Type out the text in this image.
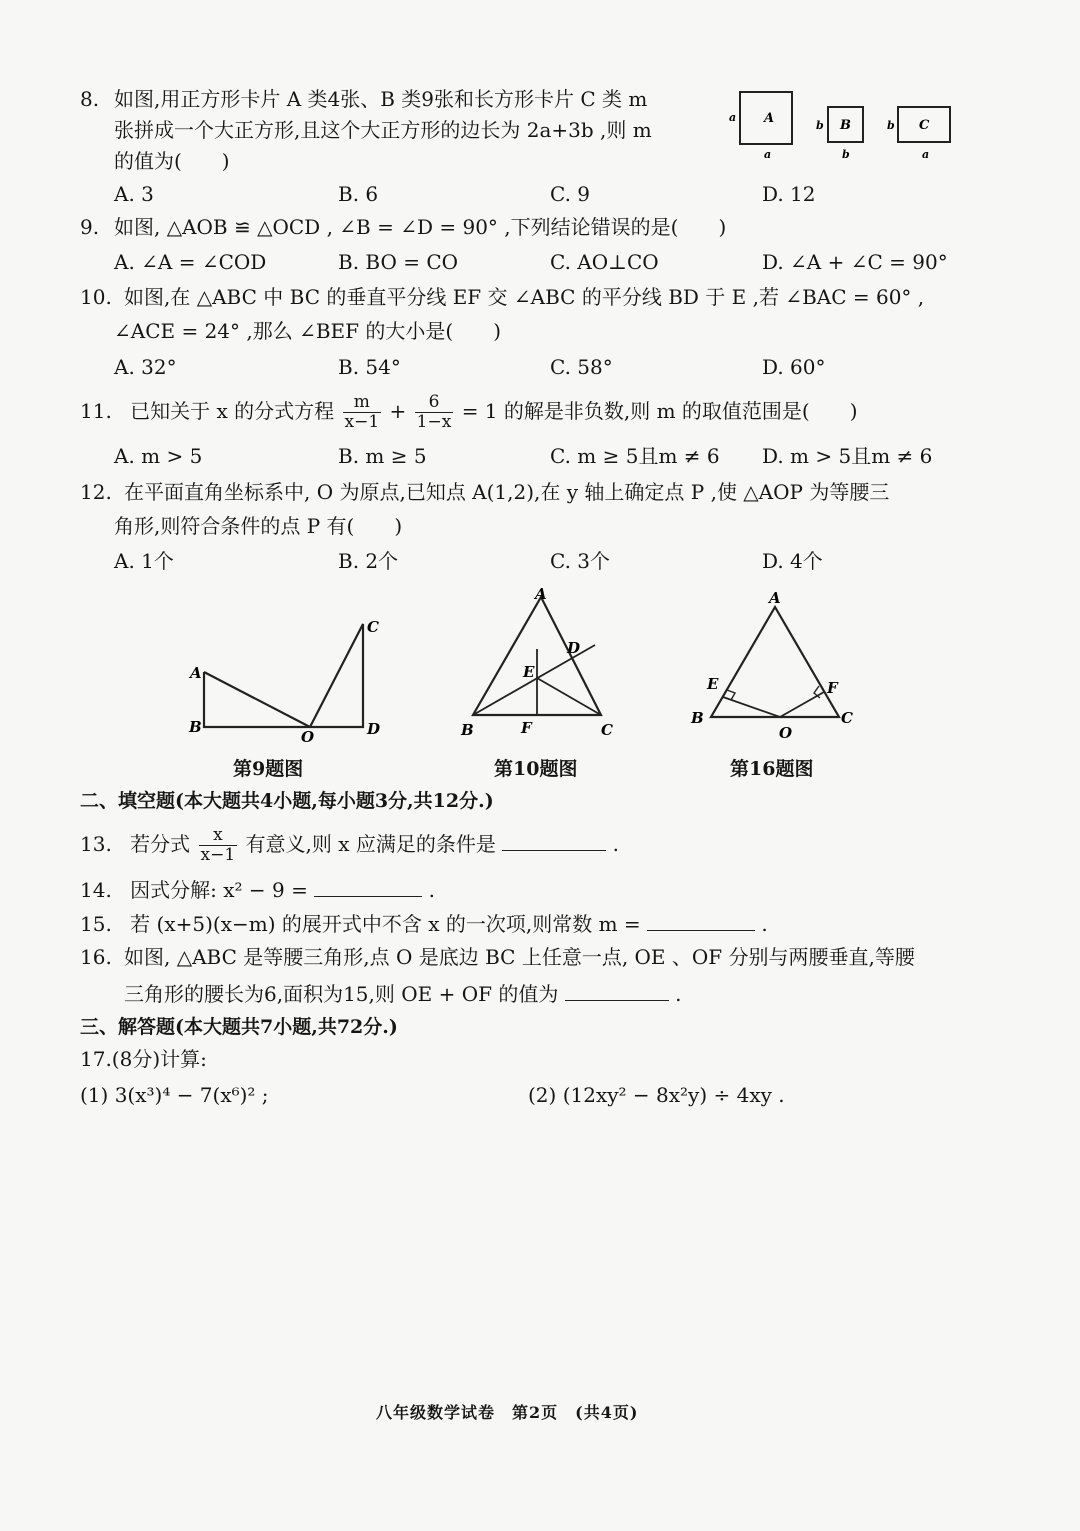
8. 如图,用正方形卡片 A 类4张、B 类9张和长方形卡片 C 类 m
张拼成一个大正方形,且这个大正方形的边长为 2a+3b ,则 m
的值为(　　)
A
a
a
B
b
b
C
b
a
A. 3	B. 6	C. 9	D. 12
9. 如图, △AOB ≌ △OCD , ∠B = ∠D = 90° ,下列结论错误的是(　　)
A. ∠A = ∠COD	B. BO = CO	C. AO⊥CO	D. ∠A + ∠C = 90°
10. 如图,在 △ABC 中 BC 的垂直平分线 EF 交 ∠ABC 的平分线 BD 于 E ,若 ∠BAC = 60° ,
∠ACE = 24° ,那么 ∠BEF 的大小是(　　)
A. 32°	B. 54°	C. 58°	D. 60°
11. 已知关于 x 的分式方程 $\frac{m}{x-1} + \frac{6}{1-x} = 1$ 的解是非负数,则 m 的取值范围是(　　)
A. m > 5	B. m ≥ 5	C. m ≥ 5且m ≠ 6 D. m > 5且m ≠ 6
12. 在平面直角坐标系中, O 为原点,已知点 A(1,2),在 y 轴上确定点 P ,使 △AOP 为等腰三
角形,则符合条件的点 P 有(　　)
A. 1个	B. 2个	C. 3个	D. 4个
A
B
O
C
D
第9题图
A
B	C
D
E
F
第10题图
A
B	C
E	F
O
第16题图
二、填空题(本大题共4小题,每小题3分,共12分.)
13. 若分式 $\frac{x}{x-1}$ 有意义,则 x 应满足的条件是	.
14. 因式分解: x² − 9 =	.
15. 若 (x+5)(x−m) 的展开式中不含 x 的一次项,则常数 m =	.
16. 如图, △ABC 是等腰三角形,点 O 是底边 BC 上任意一点, OE 、OF 分别与两腰垂直,等腰
三角形的腰长为6,面积为15,则 OE + OF 的值为	.
三、解答题(本大题共7小题,共72分.)
17.(8分)计算:
(1) 3(x³)⁴ − 7(x⁶)² ;	(2) (12xy² − 8x²y) ÷ 4xy .
八年级数学试卷　第2页　(共4页)
